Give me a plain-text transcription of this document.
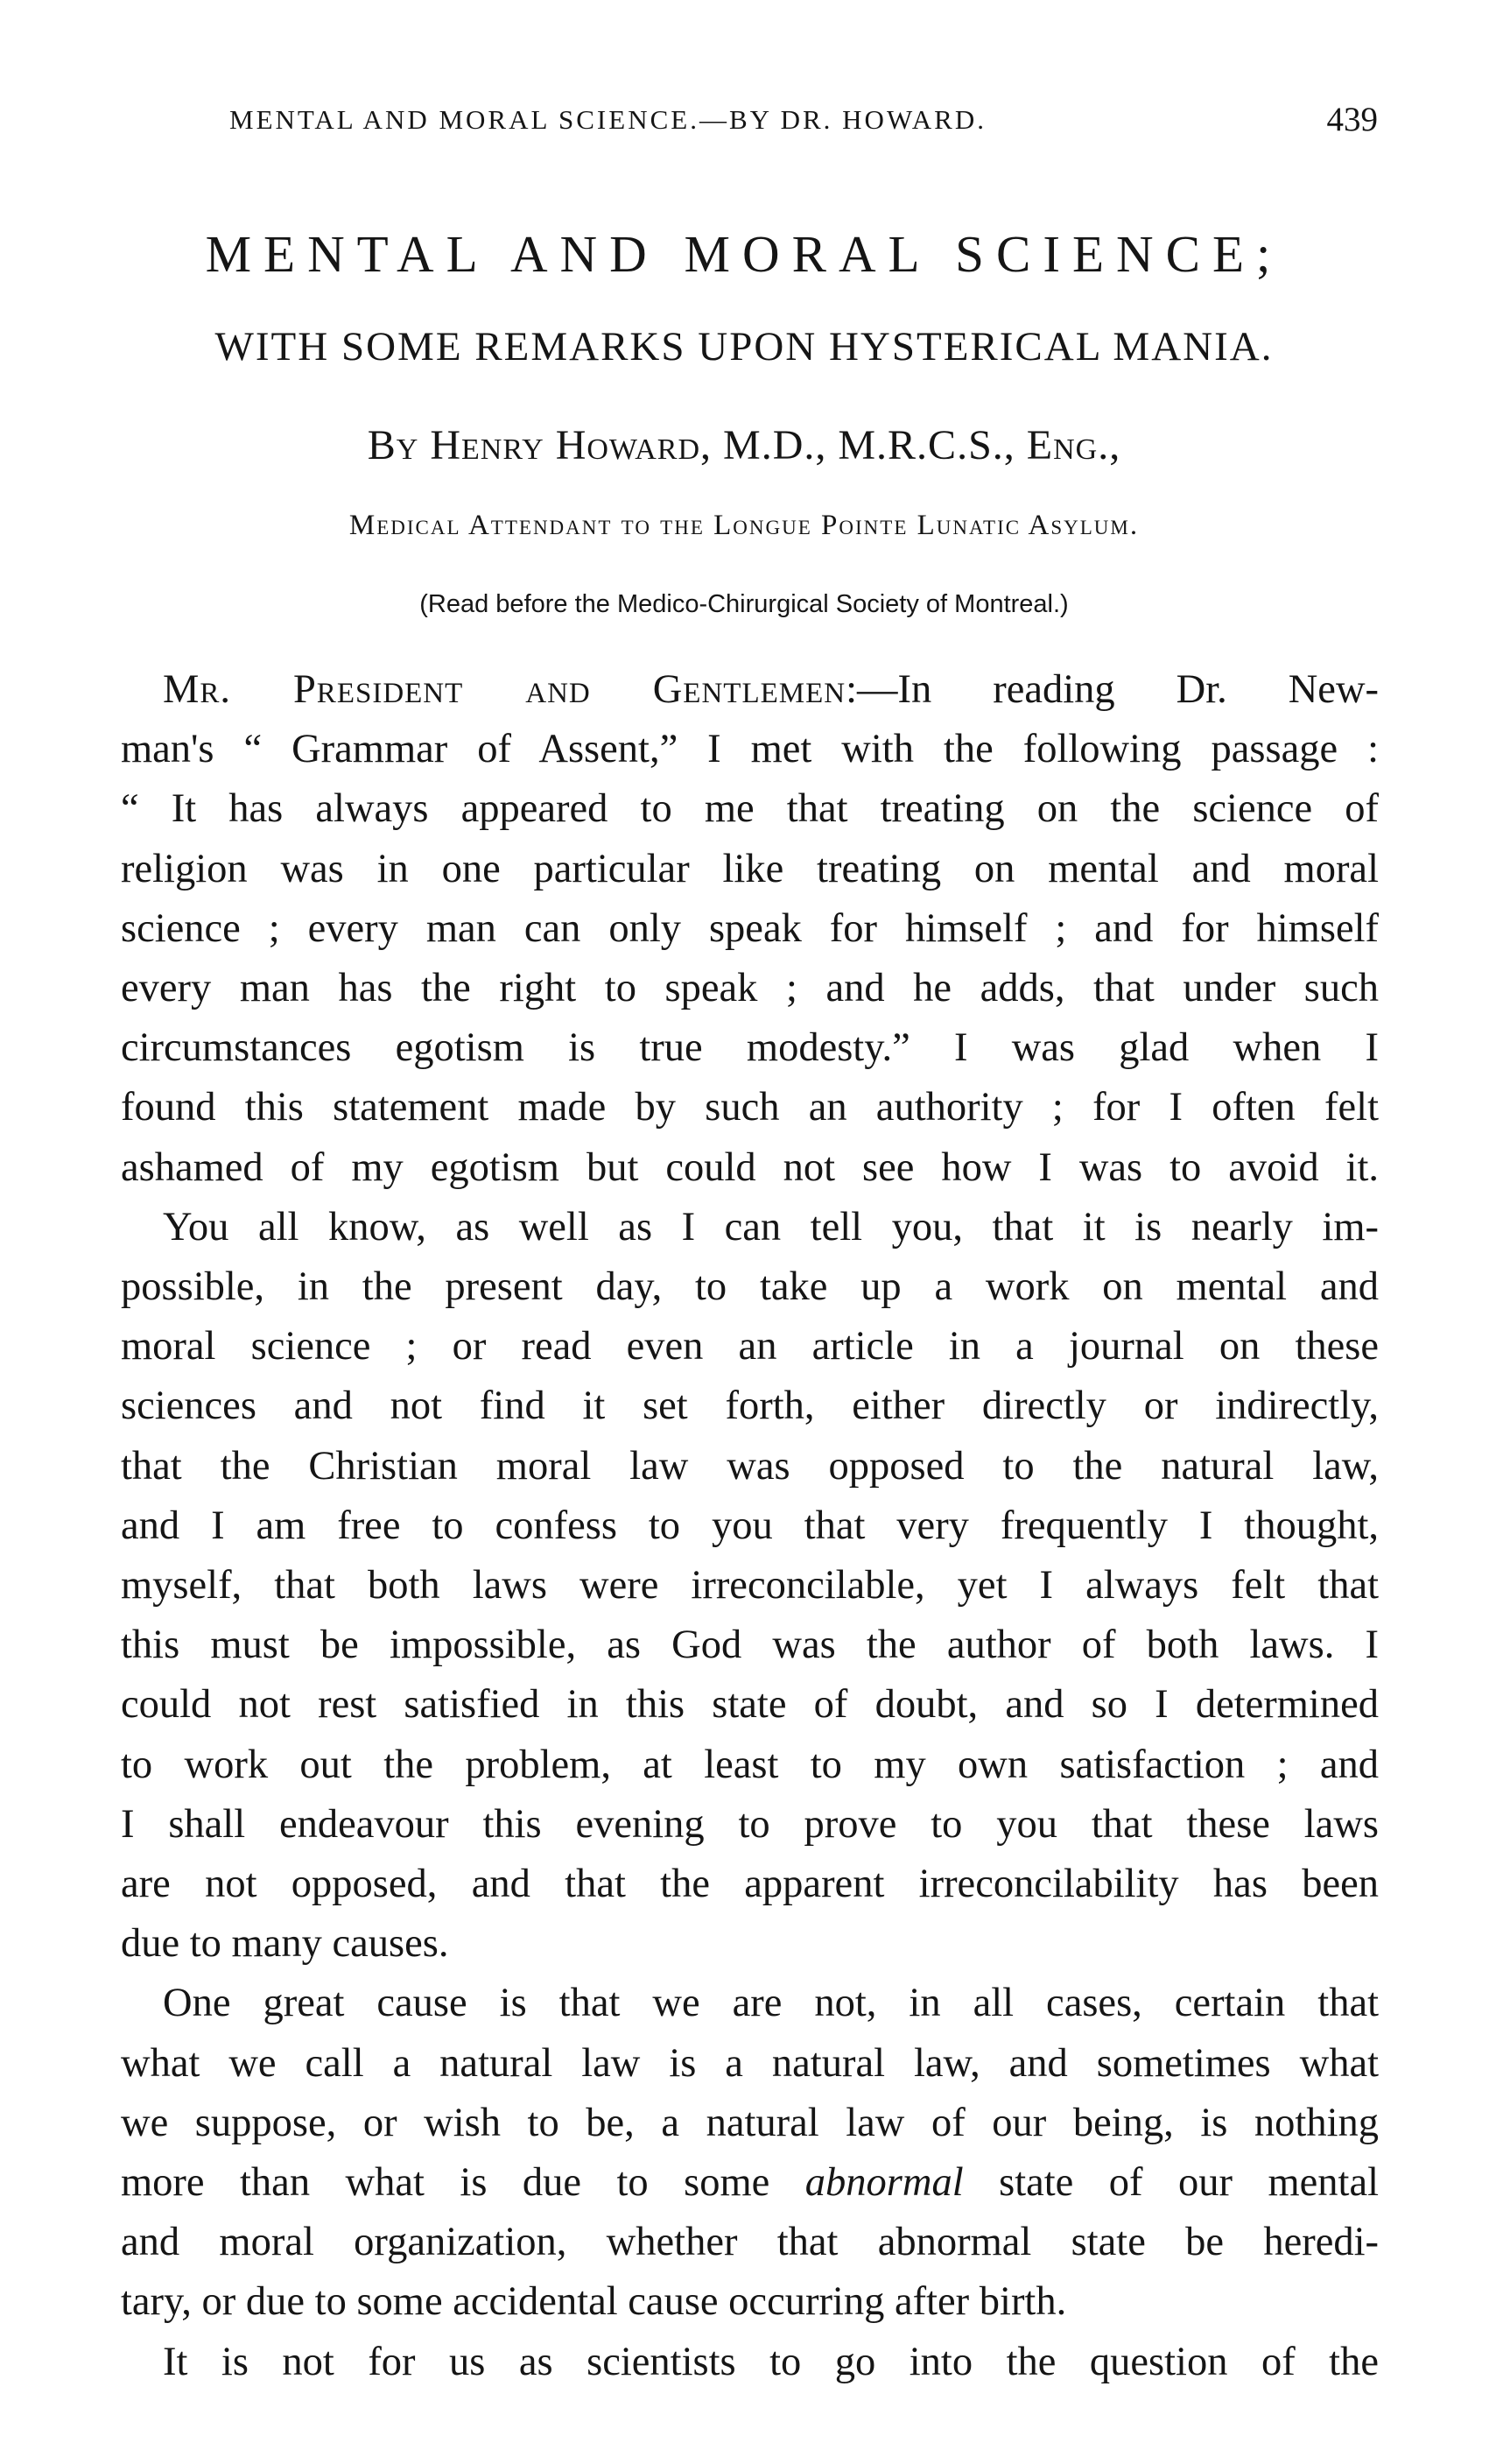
MENTAL AND MORAL SCIENCE.—BY DR. HOWARD.	439
MENTAL AND MORAL SCIENCE;
WITH SOME REMARKS UPON HYSTERICAL MANIA.
By Henry Howard, M.D., M.R.C.S., Eng.,
Medical Attendant to the Longue Pointe Lunatic Asylum.
(Read before the Medico-Chirurgical Society of Montreal.)
Mr. President and Gentlemen:—In reading Dr. New-
man's “ Grammar of Assent,” I met with the following passage :
“ It has always appeared to me that treating on the science of
religion was in one particular like treating on mental and moral
science ; every man can only speak for himself ; and for himself
every man has the right to speak ; and he adds, that under such
circumstances egotism is true modesty.” I was glad when I
found this statement made by such an authority ; for I often felt
ashamed of my egotism but could not see how I was to avoid it.
You all know, as well as I can tell you, that it is nearly im-
possible, in the present day, to take up a work on mental and
moral science ; or read even an article in a journal on these
sciences and not find it set forth, either directly or indirectly,
that the Christian moral law was opposed to the natural law,
and I am free to confess to you that very frequently I thought,
myself, that both laws were irreconcilable, yet I always felt that
this must be impossible, as God was the author of both laws. I
could not rest satisfied in this state of doubt, and so I determined
to work out the problem, at least to my own satisfaction ; and
I shall endeavour this evening to prove to you that these laws
are not opposed, and that the apparent irreconcilability has been
due to many causes.
One great cause is that we are not, in all cases, certain that
what we call a natural law is a natural law, and sometimes what
we suppose, or wish to be, a natural law of our being, is nothing
more than what is due to some abnormal state of our mental
and moral organization, whether that abnormal state be heredi-
tary, or due to some accidental cause occurring after birth.
It is not for us as scientists to go into the question of the
